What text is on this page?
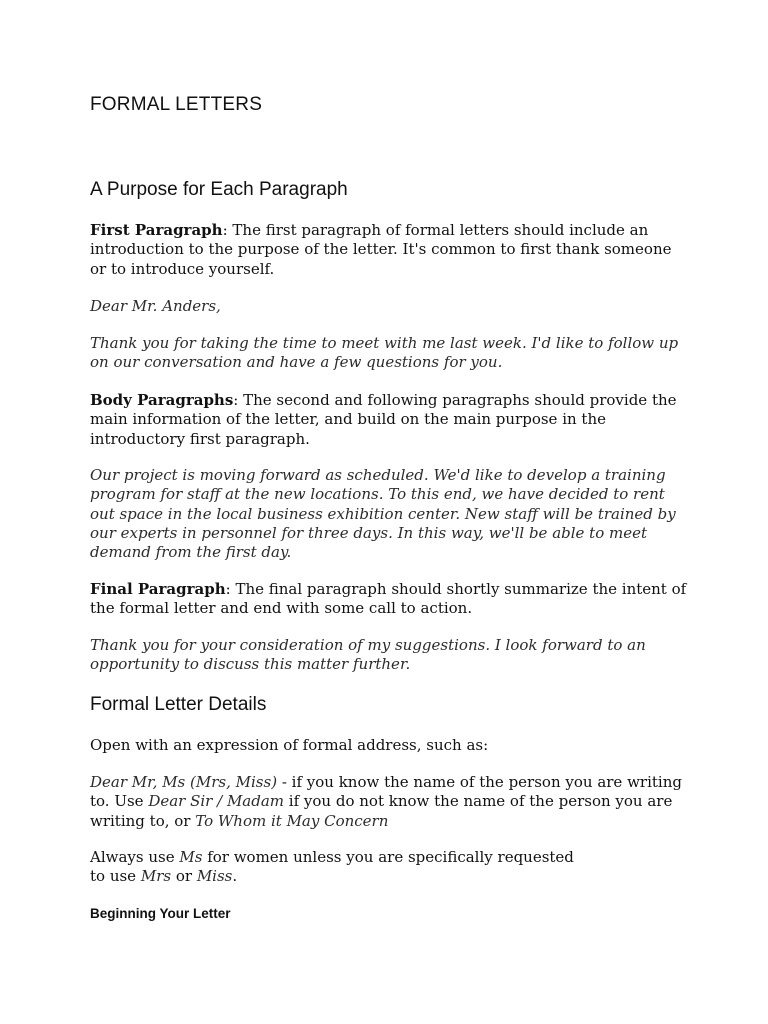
FORMAL LETTERS
A Purpose for Each Paragraph

First Paragraph: The first paragraph of formal letters should include an introduction to the purpose of the letter. It's common to first thank someone or to introduce yourself.

Dear Mr. Anders,

Thank you for taking the time to meet with me last week. I'd like to follow up on our conversation and have a few questions for you.

Body Paragraphs: The second and following paragraphs should provide the main information of the letter, and build on the main purpose in the introductory first paragraph.

Our project is moving forward as scheduled. We'd like to develop a training program for staff at the new locations. To this end, we have decided to rent out space in the local business exhibition center. New staff will be trained by our experts in personnel for three days. In this way, we'll be able to meet demand from the first day.

Final Paragraph: The final paragraph should shortly summarize the intent of the formal letter and end with some call to action.

Thank you for your consideration of my suggestions. I look forward to an opportunity to discuss this matter further.

Formal Letter Details

Open with an expression of formal address, such as:

Dear Mr, Ms (Mrs, Miss) - if you know the name of the person you are writing to. Use Dear Sir / Madam if you do not know the name of the person you are writing to, or To Whom it May Concern

Always use Ms for women unless you are specifically requested to use Mrs or Miss.

Beginning Your Letter
